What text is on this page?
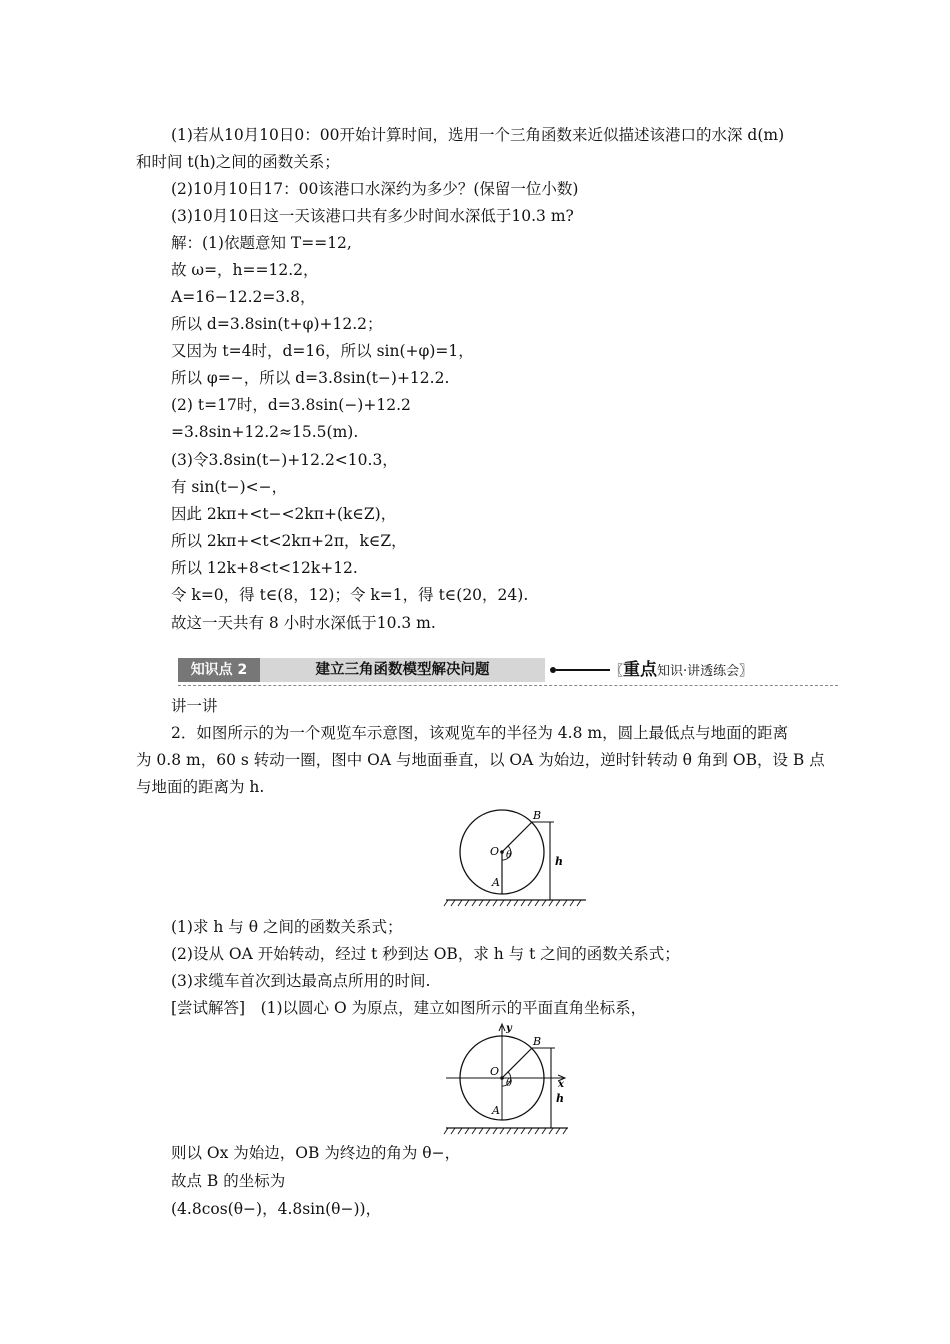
(1)若从10月10日0：00开始计算时间，选用一个三角函数来近似描述该港口的水深 d(m)
和时间 t(h)之间的函数关系；
(2)10月10日17：00该港口水深约为多少？(保留一位小数)
(3)10月10日这一天该港口共有多少时间水深低于10.3 m?
解：(1)依题意知 T==12,
故 ω=，h==12.2，
A=16−12.2=3.8，
所以 d=3.8sin(t+φ)+12.2；
又因为 t=4时，d=16，所以 sin(+φ)=1，
所以 φ=−，所以 d=3.8sin(t−)+12.2.
(2) t=17时，d=3.8sin(−)+12.2
=3.8sin+12.2≈15.5(m).
(3)令3.8sin(t−)+12.2<10.3，
有 sin(t−)<−，
因此 2kπ+<t−<2kπ+(k∈Z)，
所以 2kπ+<t<2kπ+2π，k∈Z，
所以 12k+8<t<12k+12.
令 k=0，得 t∈(8，12)；令 k=1，得 t∈(20，24).
故这一天共有 8 小时水深低于10.3 m.
知识点 2	建立三角函数模型解决问题	〖重点知识·讲透练会〗
讲一讲
2．如图所示的为一个观览车示意图，该观览车的半径为 4.8 m，圆上最低点与地面的距离
为 0.8 m，60 s 转动一圈，图中 OA 与地面垂直，以 OA 为始边，逆时针转动 θ 角到 OB，设 B 点
与地面的距离为 h.
B
O θ
A
h
(1)求 h 与 θ 之间的函数关系式；
(2)设从 OA 开始转动，经过 t 秒到达 OB，求 h 与 t 之间的函数关系式；
(3)求缆车首次到达最高点所用的时间.
[尝试解答]　(1)以圆心 O 为原点，建立如图所示的平面直角坐标系，
y
B
O
θ	x
A
h
则以 Ox 为始边，OB 为终边的角为 θ−，
故点 B 的坐标为
(4.8cos(θ−)，4.8sin(θ−))，
